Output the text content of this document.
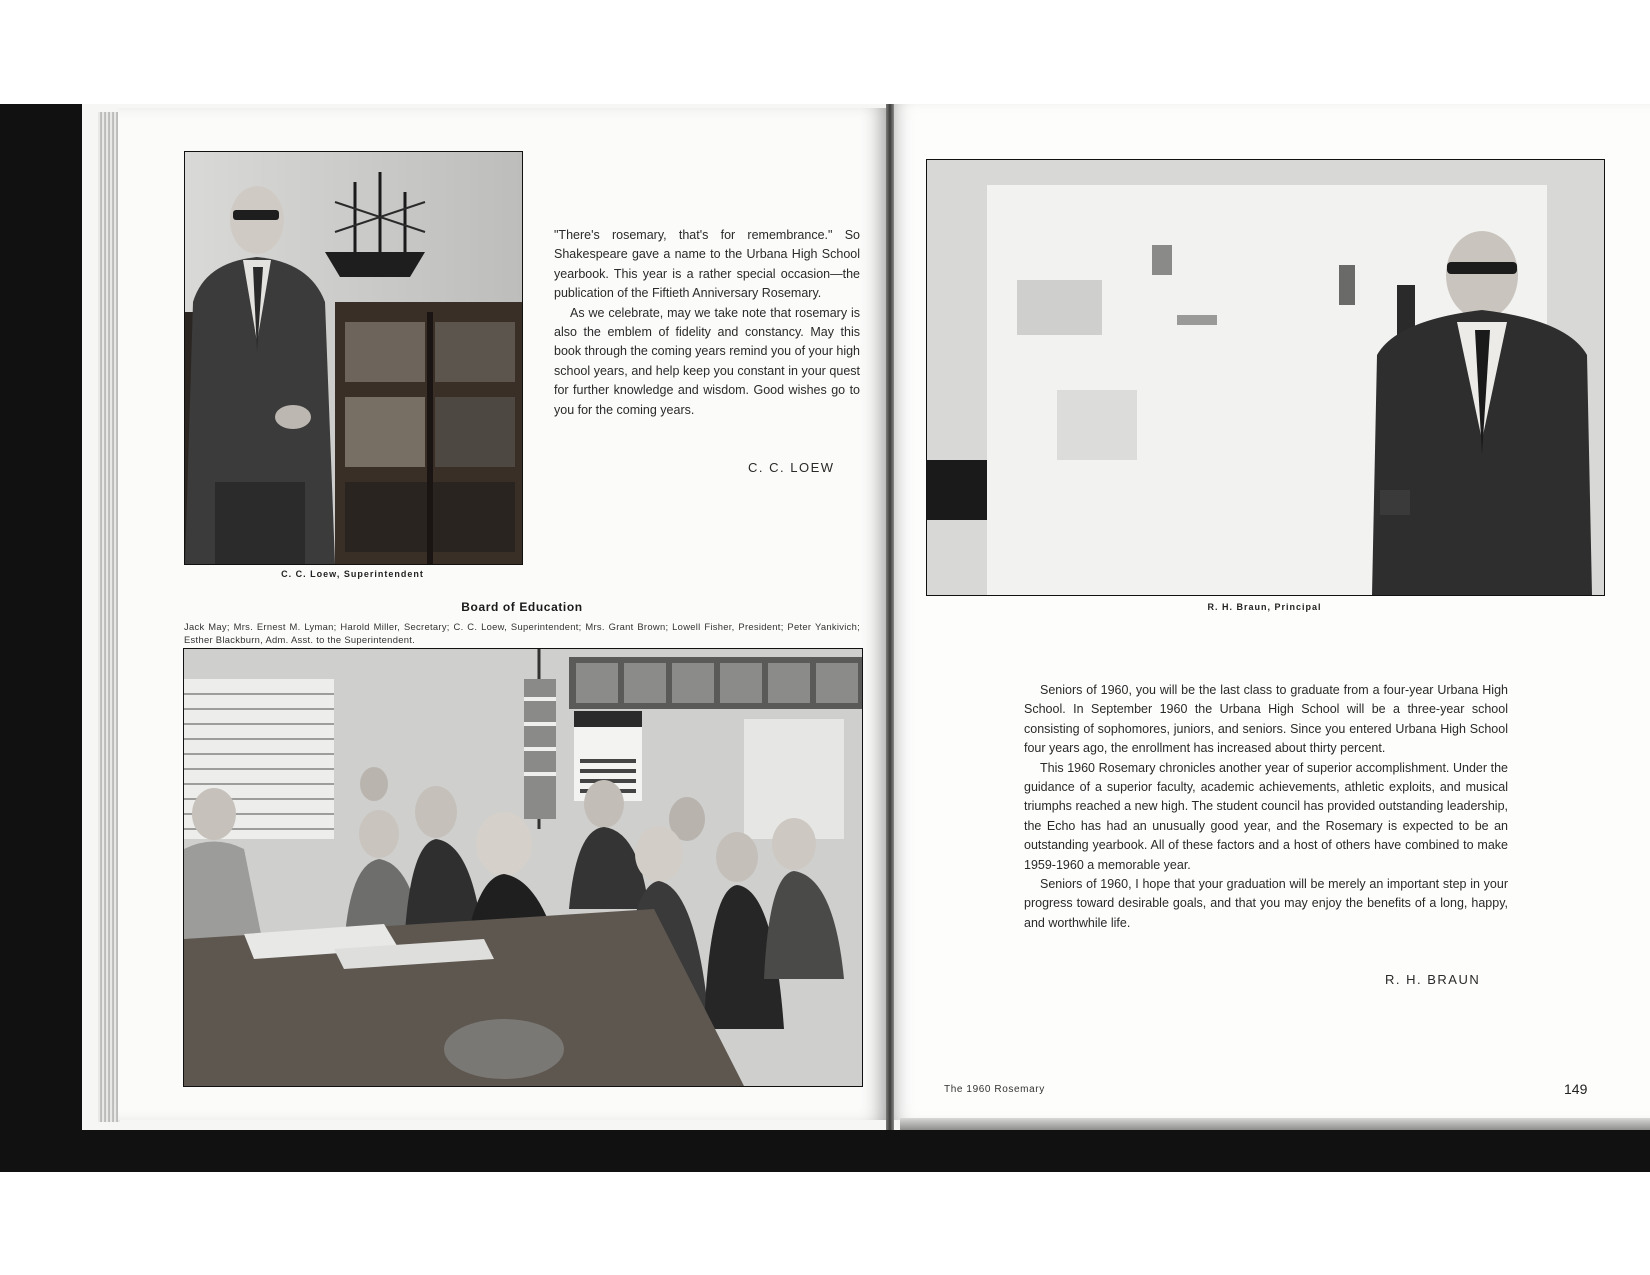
C. C. Loew, Superintendent

"There's rosemary, that's for remembrance." So Shakespeare gave a name to the Urbana High School yearbook. This year is a rather special occasion—the publication of the Fiftieth Anniversary Rosemary.

As we celebrate, may we take note that rosemary is also the emblem of fidelity and constancy. May this book through the coming years remind you of your high school years, and help keep you constant in your quest for further knowledge and wisdom. Good wishes go to you for the coming years.

C. C. LOEW
Board of Education
Jack May; Mrs. Ernest M. Lyman; Harold Miller, Secretary; C. C. Loew, Superintendent; Mrs. Grant Brown; Lowell Fisher, President; Peter Yankivich; Esther Blackburn, Adm. Asst. to the Superintendent.
R. H. Braun, Principal

Seniors of 1960, you will be the last class to graduate from a four-year Urbana High School. In September 1960 the Urbana High School will be a three-year school consisting of sophomores, juniors, and seniors. Since you entered Urbana High School four years ago, the enrollment has increased about thirty percent.

This 1960 Rosemary chronicles another year of superior accomplishment. Under the guidance of a superior faculty, academic achievements, athletic exploits, and musical triumphs reached a new high. The student council has provided outstanding leadership, the Echo has had an unusually good year, and the Rosemary is expected to be an outstanding yearbook. All of these factors and a host of others have combined to make 1959-1960 a memorable year.

Seniors of 1960, I hope that your graduation will be merely an important step in your progress toward desirable goals, and that you may enjoy the benefits of a long, happy, and worthwhile life.

R. H. BRAUN
The 1960 Rosemary	149
